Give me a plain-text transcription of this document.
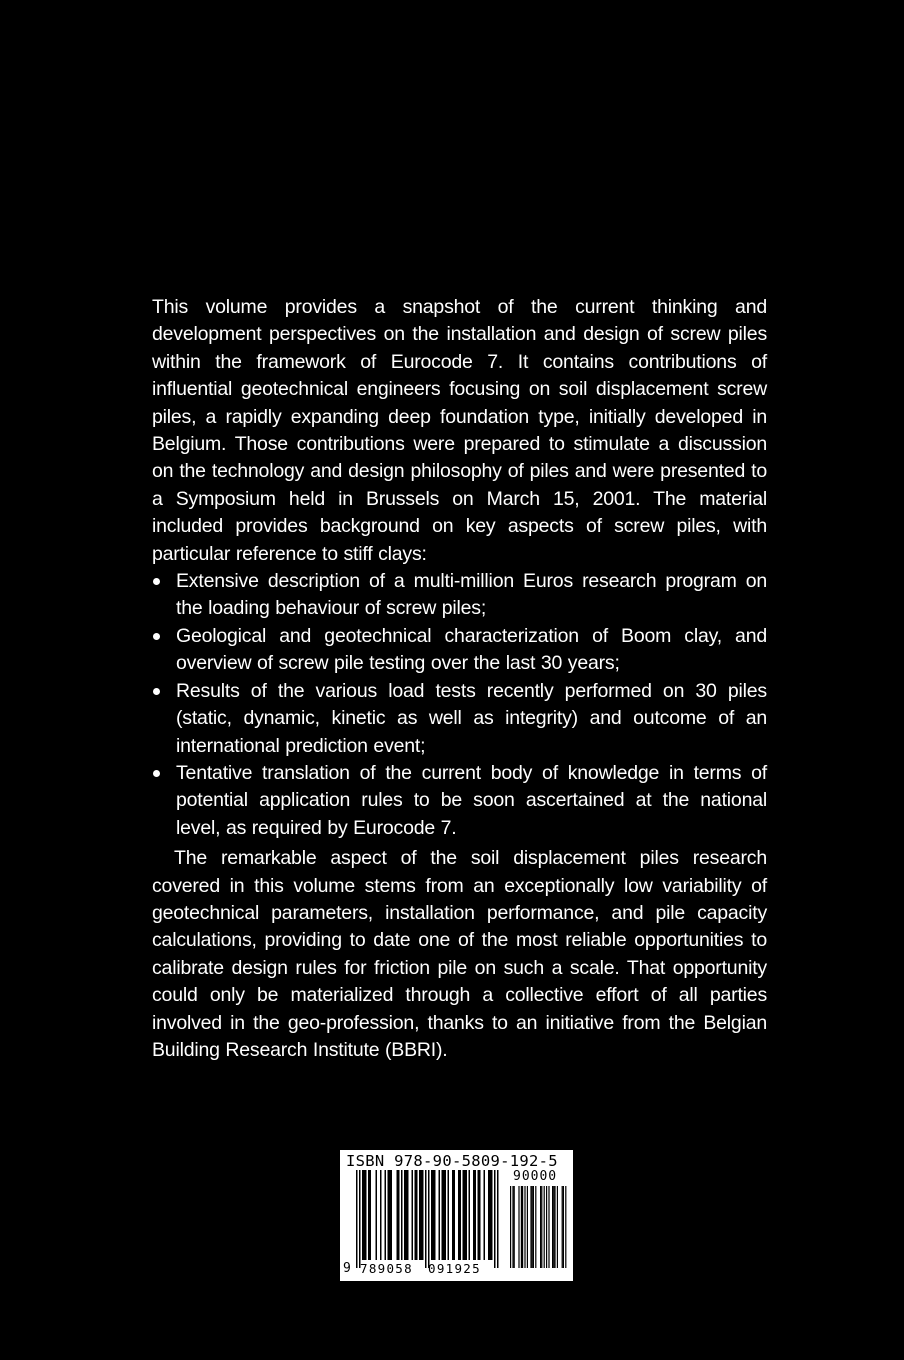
This volume provides a snapshot of the current thinking and development perspectives on the installation and design of screw piles within the framework of Eurocode 7. It contains contributions of influential geotechnical engineers focusing on soil displacement screw piles, a rapidly expanding deep foundation type, initially developed in Belgium. Those contributions were prepared to stimulate a discussion on the technology and design philosophy of piles and were presented to a Symposium held in Brussels on March 15, 2001. The material included provides background on key aspects of screw piles, with particular reference to stiff clays:

Extensive description of a multi-million Euros research program on the loading behaviour of screw piles;
Geological and geotechnical characterization of Boom clay, and overview of screw pile testing over the last 30 years;
Results of the various load tests recently performed on 30 piles (static, dynamic, kinetic as well as integrity) and outcome of an international prediction event;
Tentative translation of the current body of knowledge in terms of potential application rules to be soon ascertained at the national level, as required by Eurocode 7.

The remarkable aspect of the soil displacement piles research covered in this volume stems from an exceptionally low variability of geotechnical parameters, installation performance, and pile capacity calculations, providing to date one of the most reliable opportunities to calibrate design rules for friction pile on such a scale. That opportunity could only be materialized through a collective effort of all parties involved in the geo-profession, thanks to an initiative from the Belgian Building Research Institute (BBRI).

ISBN 978-90-5809-192-5
90000
9 789058 091925
